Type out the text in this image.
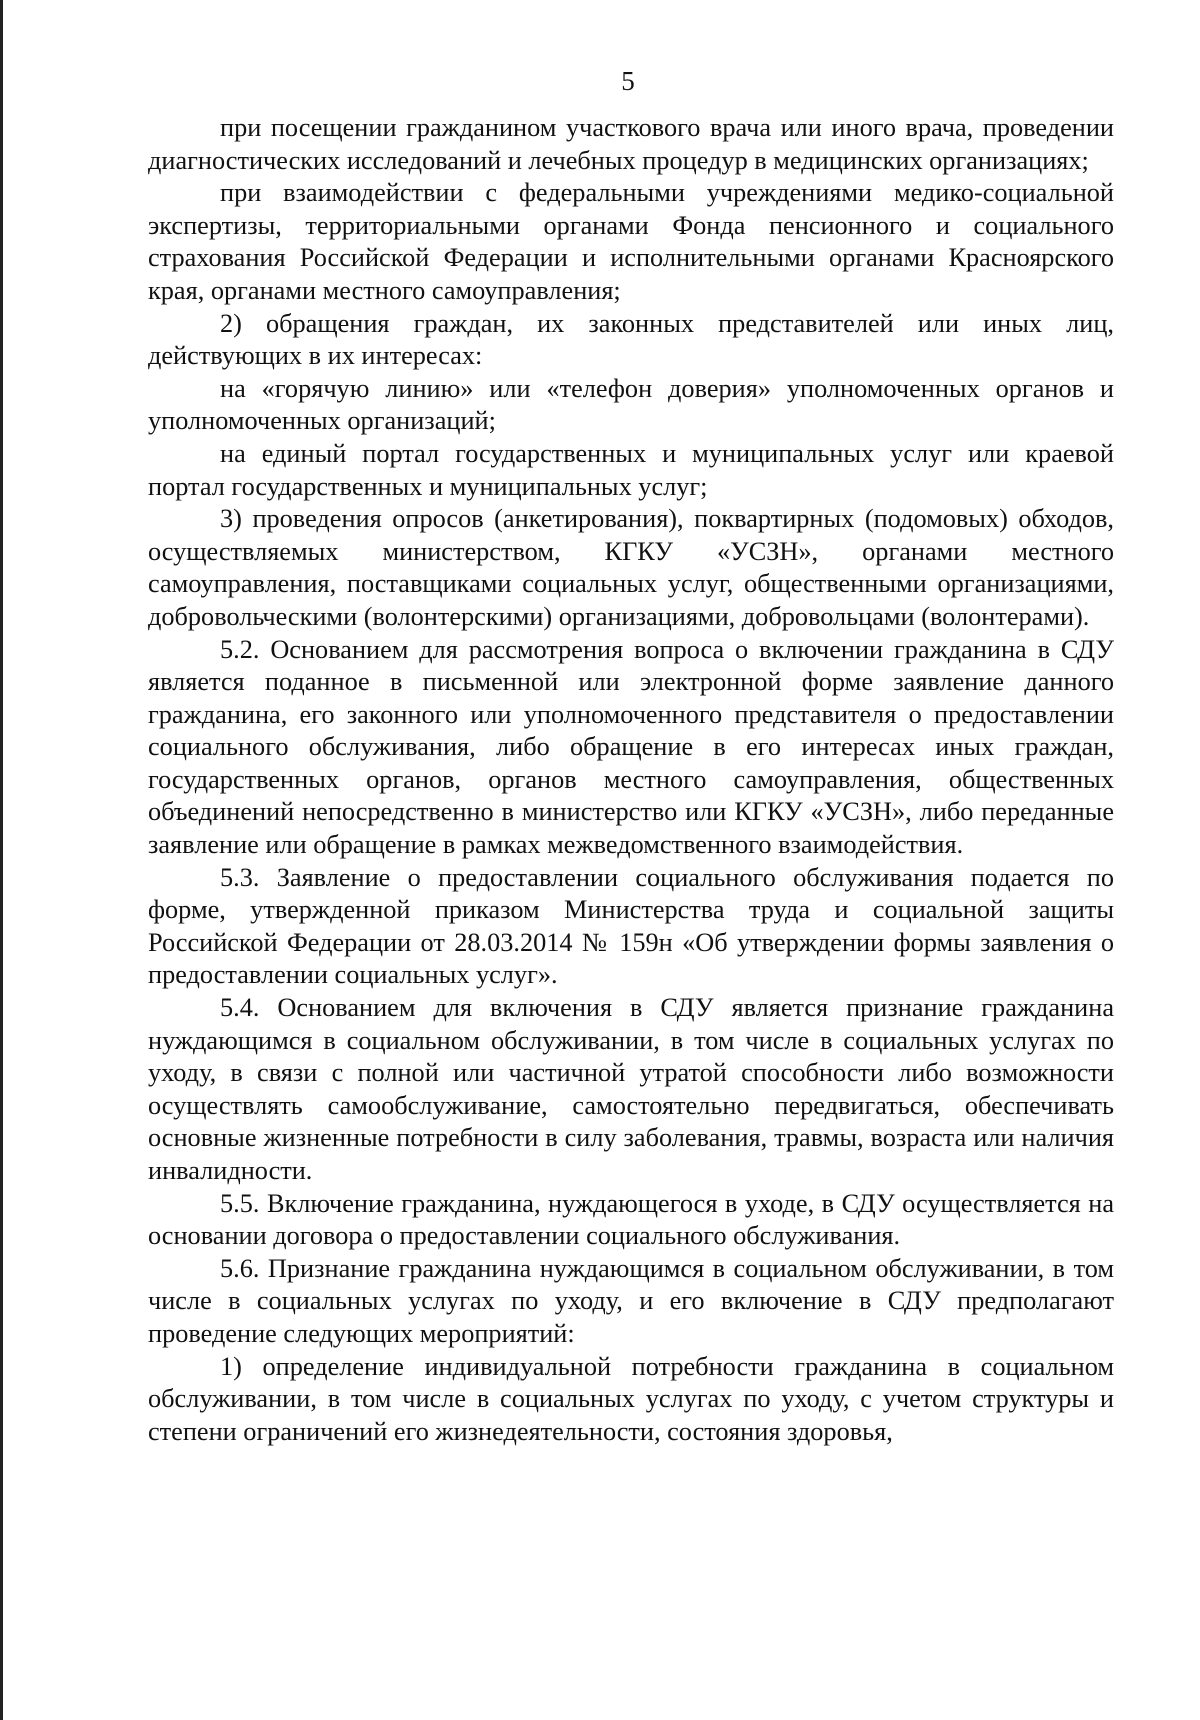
5

при посещении гражданином участкового врача или иного врача, проведении диагностических исследований и лечебных процедур в медицинских организациях;

при взаимодействии с федеральными учреждениями медико-социальной экспертизы, территориальными органами Фонда пенсионного и социального страхования Российской Федерации и исполнительными органами Красноярского края, органами местного самоуправления;

2) обращения граждан, их законных представителей или иных лиц, действующих в их интересах:

на «горячую линию» или «телефон доверия» уполномоченных органов и уполномоченных организаций;

на единый портал государственных и муниципальных услуг или краевой портал государственных и муниципальных услуг;

3) проведения опросов (анкетирования), поквартирных (подомовых) обходов, осуществляемых министерством, КГКУ «УСЗН», органами местного самоуправления, поставщиками социальных услуг, общественными организациями, добровольческими (волонтерскими) организациями, добровольцами (волонтерами).

5.2. Основанием для рассмотрения вопроса о включении гражданина в СДУ является поданное в письменной или электронной форме заявление данного гражданина, его законного или уполномоченного представителя о предоставлении социального обслуживания, либо обращение в его интересах иных граждан, государственных органов, органов местного самоуправления, общественных объединений непосредственно в министерство или КГКУ «УСЗН», либо переданные заявление или обращение в рамках межведомственного взаимодействия.

5.3. Заявление о предоставлении социального обслуживания подается по форме, утвержденной приказом Министерства труда и социальной защиты Российской Федерации от 28.03.2014 № 159н «Об утверждении формы заявления о предоставлении социальных услуг».

5.4. Основанием для включения в СДУ является признание гражданина нуждающимся в социальном обслуживании, в том числе в социальных услугах по уходу, в связи с полной или частичной утратой способности либо возможности осуществлять самообслуживание, самостоятельно передвигаться, обеспечивать основные жизненные потребности в силу заболевания, травмы, возраста или наличия инвалидности.

5.5. Включение гражданина, нуждающегося в уходе, в СДУ осуществляется на основании договора о предоставлении социального обслуживания.

5.6. Признание гражданина нуждающимся в социальном обслуживании, в том числе в социальных услугах по уходу, и его включение в СДУ предполагают проведение следующих мероприятий:

1) определение индивидуальной потребности гражданина в социальном обслуживании, в том числе в социальных услугах по уходу, с учетом структуры и степени ограничений его жизнедеятельности, состояния здоровья,
